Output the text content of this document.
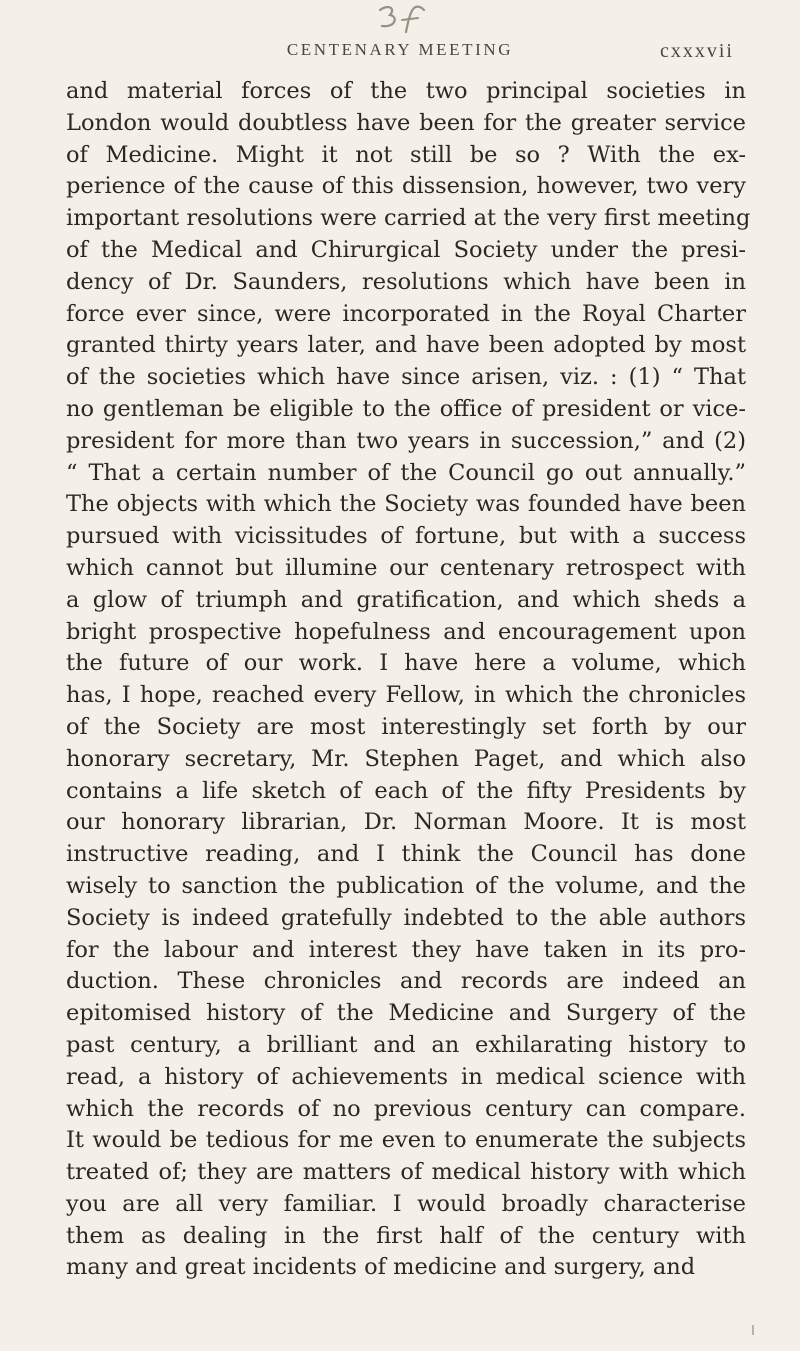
CENTENARY MEETING	cxxxvii
and material forces of the two principal societies in
London would doubtless have been for the greater service
of Medicine. Might it not still be so ? With the ex-
perience of the cause of this dissension, however, two very
important resolutions were carried at the very first meeting
of the Medical and Chirurgical Society under the presi-
dency of Dr. Saunders, resolutions which have been in
force ever since, were incorporated in the Royal Charter
granted thirty years later, and have been adopted by most
of the societies which have since arisen, viz. : (1) “ That
no gentleman be eligible to the office of president or vice-
president for more than two years in succession,” and (2)
“ That a certain number of the Council go out annually.”
The objects with which the Society was founded have been
pursued with vicissitudes of fortune, but with a success
which cannot but illumine our centenary retrospect with
a glow of triumph and gratification, and which sheds a
bright prospective hopefulness and encouragement upon
the future of our work. I have here a volume, which
has, I hope, reached every Fellow, in which the chronicles
of the Society are most interestingly set forth by our
honorary secretary, Mr. Stephen Paget, and which also
contains a life sketch of each of the fifty Presidents by
our honorary librarian, Dr. Norman Moore. It is most
instructive reading, and I think the Council has done
wisely to sanction the publication of the volume, and the
Society is indeed gratefully indebted to the able authors
for the labour and interest they have taken in its pro-
duction. These chronicles and records are indeed an
epitomised history of the Medicine and Surgery of the
past century, a brilliant and an exhilarating history to
read, a history of achievements in medical science with
which the records of no previous century can compare.
It would be tedious for me even to enumerate the subjects
treated of; they are matters of medical history with which
you are all very familiar. I would broadly characterise
them as dealing in the first half of the century with
many and great incidents of medicine and surgery, and
